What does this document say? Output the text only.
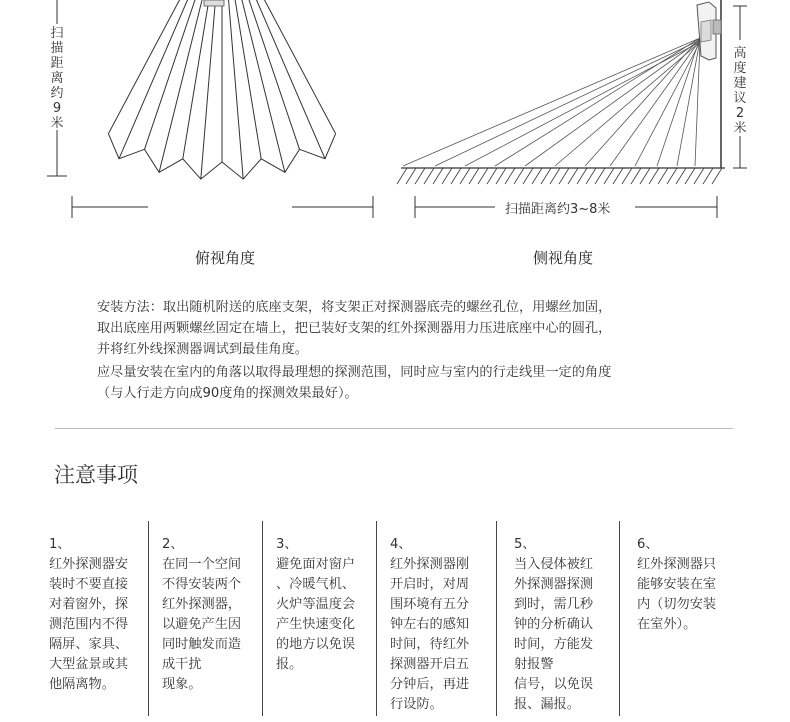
扫描距离约9米
俯视角度
高度建议2米
扫描距离约3~8米
侧视角度
安装方法：取出随机附送的底座支架，将支架正对探测器底壳的螺丝孔位，用螺丝加固，
取出底座用两颗螺丝固定在墙上，把已装好支架的红外探测器用力压进底座中心的圆孔，
并将红外线探测器调试到最佳角度。
应尽量安装在室内的角落以取得最理想的探测范围，同时应与室内的行走线里一定的角度
（与人行走方向成90度角的探测效果最好）。
注意事项
1、
红外探测器安
装时不要直接
对着窗外，探
测范围内不得
隔屏、家具、
大型盆景或其
他隔离物。
2、
在同一个空间
不得安装两个
红外探测器，
以避免产生因
同时触发而造
成干扰
现象。
3、
避免面对窗户
、冷暖气机、
火炉等温度会
产生快速变化
的地方以免误
报。
4、
红外探测器刚
开启时，对周
围环境有五分
钟左右的感知
时间，待红外
探测器开启五
分钟后，再进
行设防。
5、
当入侵体被红
外探测器探测
到时，需几秒
钟的分析确认
时间，方能发
射报警
信号，以免误
报、漏报。
6、
红外探测器只
能够安装在室
内（切勿安装
在室外）。
